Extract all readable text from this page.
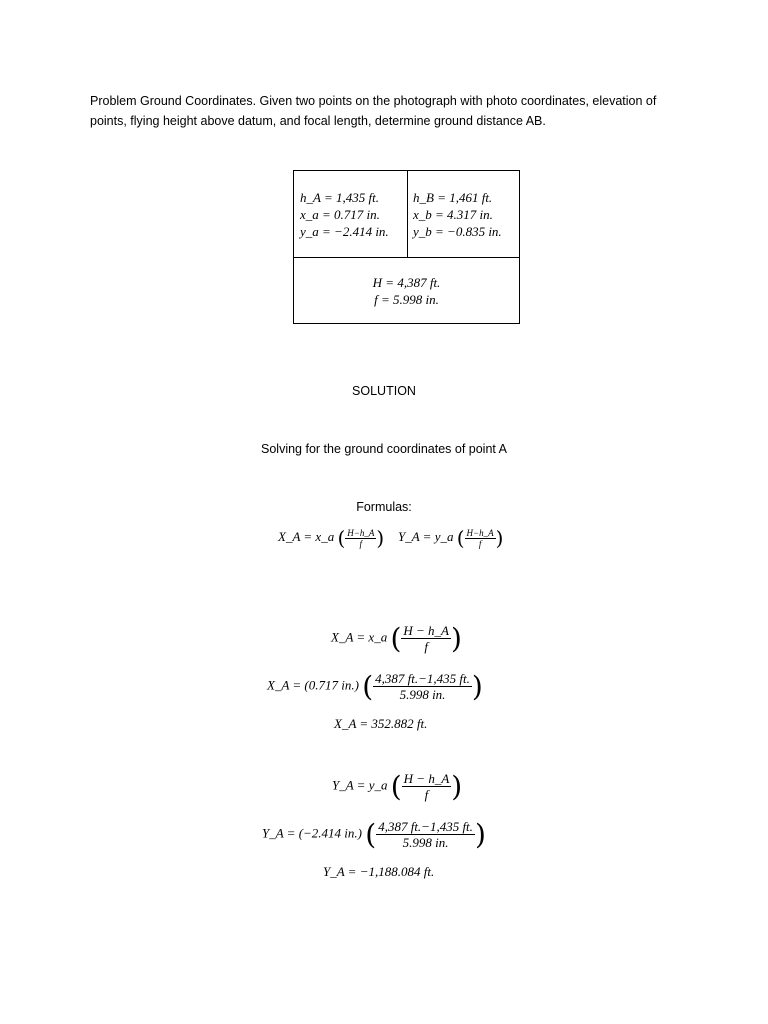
Problem Ground Coordinates. Given two points on the photograph with photo coordinates, elevation of points, flying height above datum, and focal length, determine ground distance AB.
h_A = 1,435 ft.
x_a = 0.717 in.
y_a = −2.414 in.
h_B = 1,461 ft.
x_b = 4.317 in.
y_b = −0.835 in.
H = 4,387 ft.
f = 5.998 in.
SOLUTION
Solving for the ground coordinates of point A
Formulas:
X_A = x_a ( $\frac{H-h\_A}{f}$ ) Y_A = y_a ( $\frac{H-h\_A}{f}$ )
X_A = x_a ( $\frac{H - h\_A}{f}$ )
X_A = (0.717 in.) ( $\frac{4,387 ft.-1,435 ft.}{5.998 in.}$ )
X_A = 352.882 ft.
Y_A = y_a ( $\frac{H - h\_A}{f}$ )
Y_A = (−2.414 in.) ( $\frac{4,387 ft.-1,435 ft.}{5.998 in.}$ )
Y_A = −1,188.084 ft.
